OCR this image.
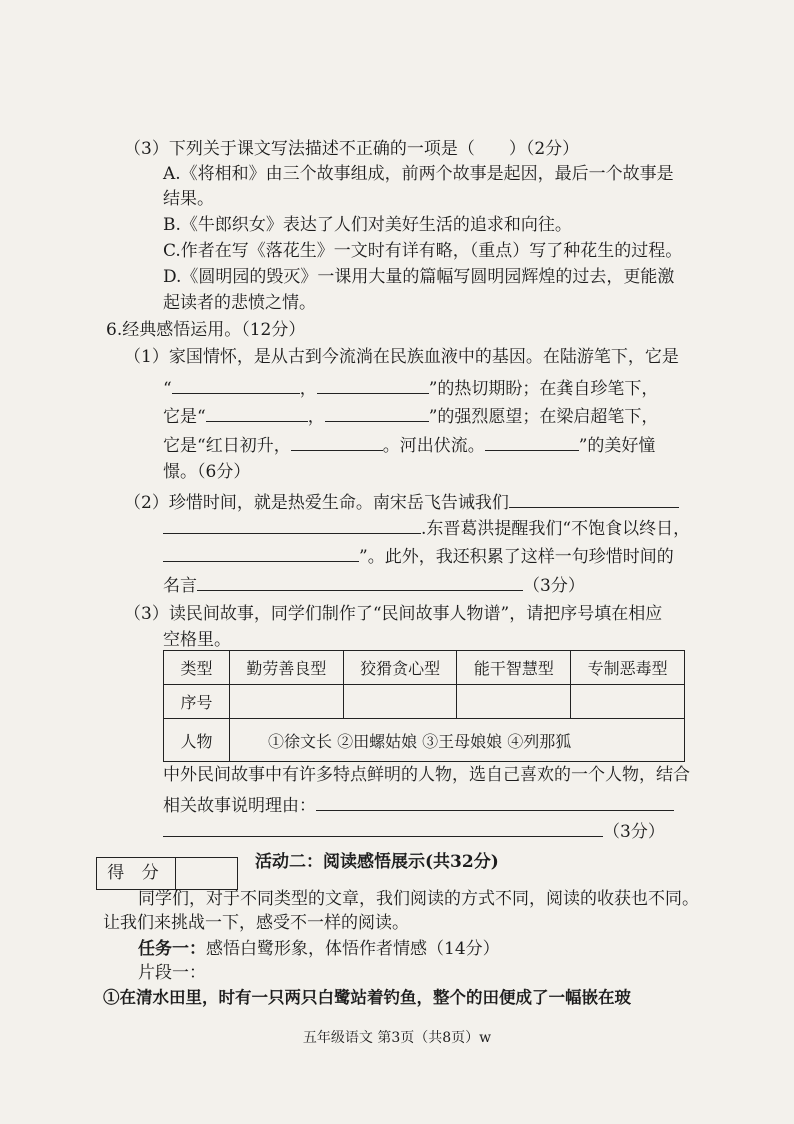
（3）下列关于课文写法描述不正确的一项是（　　）（2分）
A.《将相和》由三个故事组成，前两个故事是起因，最后一个故事是
结果。
B.《牛郎织女》表达了人们对美好生活的追求和向往。
C.作者在写《落花生》一文时有详有略，（重点）写了种花生的过程。
D.《圆明园的毁灭》一课用大量的篇幅写圆明园辉煌的过去，更能激
起读者的悲愤之情。
6.经典感悟运用。（12分）
（1）家国情怀，是从古到今流淌在民族血液中的基因。在陆游笔下，它是
“	，	”的热切期盼；在龚自珍笔下，
它是“	，	”的强烈愿望；在梁启超笔下，
它是“红日初升，	。河出伏流。	”的美好憧
憬。（6分）
（2）珍惜时间，就是热爱生命。南宋岳飞告诫我们
.东晋葛洪提醒我们“不饱食以终日，
”。此外，我还积累了这样一句珍惜时间的
名言	（3分）
（3）读民间故事，同学们制作了“民间故事人物谱”，请把序号填在相应
空格里。
类型	勤劳善良型	狡猾贪心型	能干智慧型	专制恶毒型
序号				
人物	①徐文长 ②田螺姑娘 ③王母娘娘 ④列那狐			
中外民间故事中有许多特点鲜明的人物，选自己喜欢的一个人物，结合
相关故事说明理由：
（3分）
得 分
活动二：阅读感悟展示(共32分)
同学们，对于不同类型的文章，我们阅读的方式不同，阅读的收获也不同。
让我们来挑战一下，感受不一样的阅读。
任务一：感悟白鹭形象，体悟作者情感（14分）
片段一：
①在清水田里，时有一只两只白鹭站着钓鱼，整个的田便成了一幅嵌在玻
五年级语文 第3页（共8页）w
